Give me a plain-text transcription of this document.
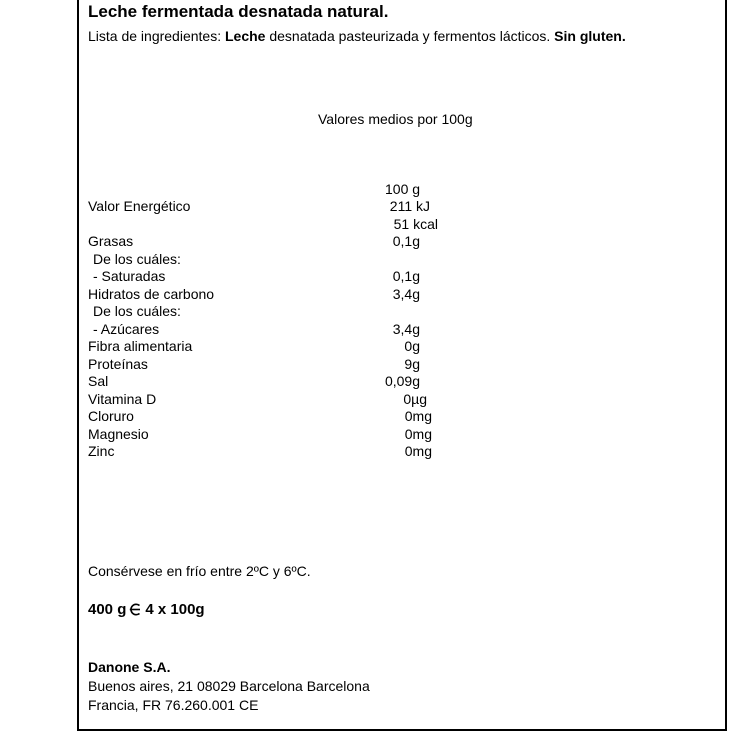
Leche fermentada desnatada natural.
Lista de ingredientes: Leche desnatada pasteurizada y fermentos lácticos. Sin gluten.
Valores medios por 100g
100 g
Valor Energético	211 kJ
51 kcal
Grasas	0,1g
De los cuáles:
- Saturadas	0,1g
Hidratos de carbono	3,4g
De los cuáles:
- Azúcares	3,4g
Fibra alimentaria	0g
Proteínas	9g
Sal	0,09g
Vitamina D	0µg
Cloruro	0mg
Magnesio	0mg
Zinc	0mg
Consérvese en frío entre 2ºC y 6ºC.
400 g 4 x 100g
Danone S.A.
Buenos aires, 21 08029 Barcelona Barcelona
Francia, FR 76.260.001 CE
